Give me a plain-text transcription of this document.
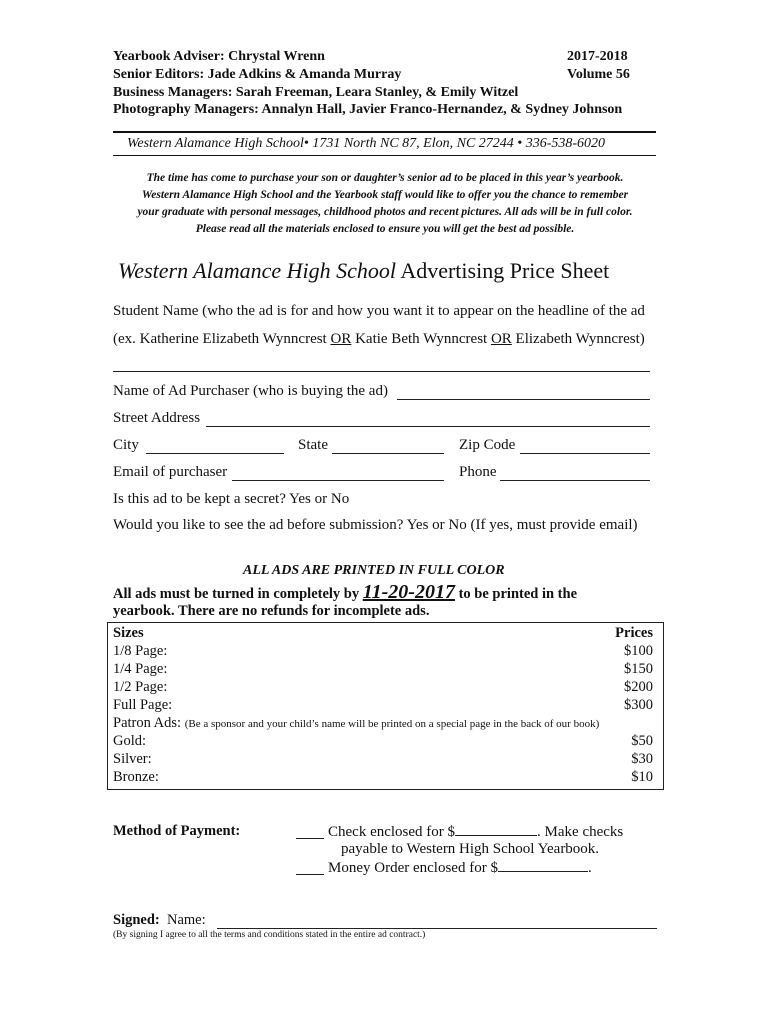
Yearbook Adviser: Chrystal Wrenn	2017-2018
Senior Editors: Jade Adkins & Amanda Murray	Volume 56
Business Managers: Sarah Freeman, Leara Stanley, & Emily Witzel
Photography Managers: Annalyn Hall, Javier Franco-Hernandez, & Sydney Johnson
Western Alamance High School• 1731 North NC 87, Elon, NC 27244 • 336-538-6020
The time has come to purchase your son or daughter’s senior ad to be placed in this year’s yearbook.
Western Alamance High School and the Yearbook staff would like to offer you the chance to remember
your graduate with personal messages, childhood photos and recent pictures. All ads will be in full color.
Please read all the materials enclosed to ensure you will get the best ad possible.
Western Alamance High School Advertising Price Sheet
Student Name (who the ad is for and how you want it to appear on the headline of the ad
(ex. Katherine Elizabeth Wynncrest OR Katie Beth Wynncrest OR Elizabeth Wynncrest)
Name of Ad Purchaser (who is buying the ad)
Street Address
City	State	Zip Code
Email of purchaser	Phone
Is this ad to be kept a secret? Yes or No
Would you like to see the ad before submission? Yes or No (If yes, must provide email)
ALL ADS ARE PRINTED IN FULL COLOR
All ads must be turned in completely by 11-20-2017 to be printed in the
yearbook. There are no refunds for incomplete ads.
Sizes	Prices
1/8 Page:	$100
1/4 Page:	$150
1/2 Page:	$200
Full Page:	$300
Patron Ads: (Be a sponsor and your child’s name will be printed on a special page in the back of our book)
Gold:	$50
Silver:	$30
Bronze:	$10
Method of Payment:	Check enclosed for $	. Make checks
payable to Western High School Yearbook.
Money Order enclosed for $	.
Signed: Name:
(By signing I agree to all the terms and conditions stated in the entire ad contract.)
